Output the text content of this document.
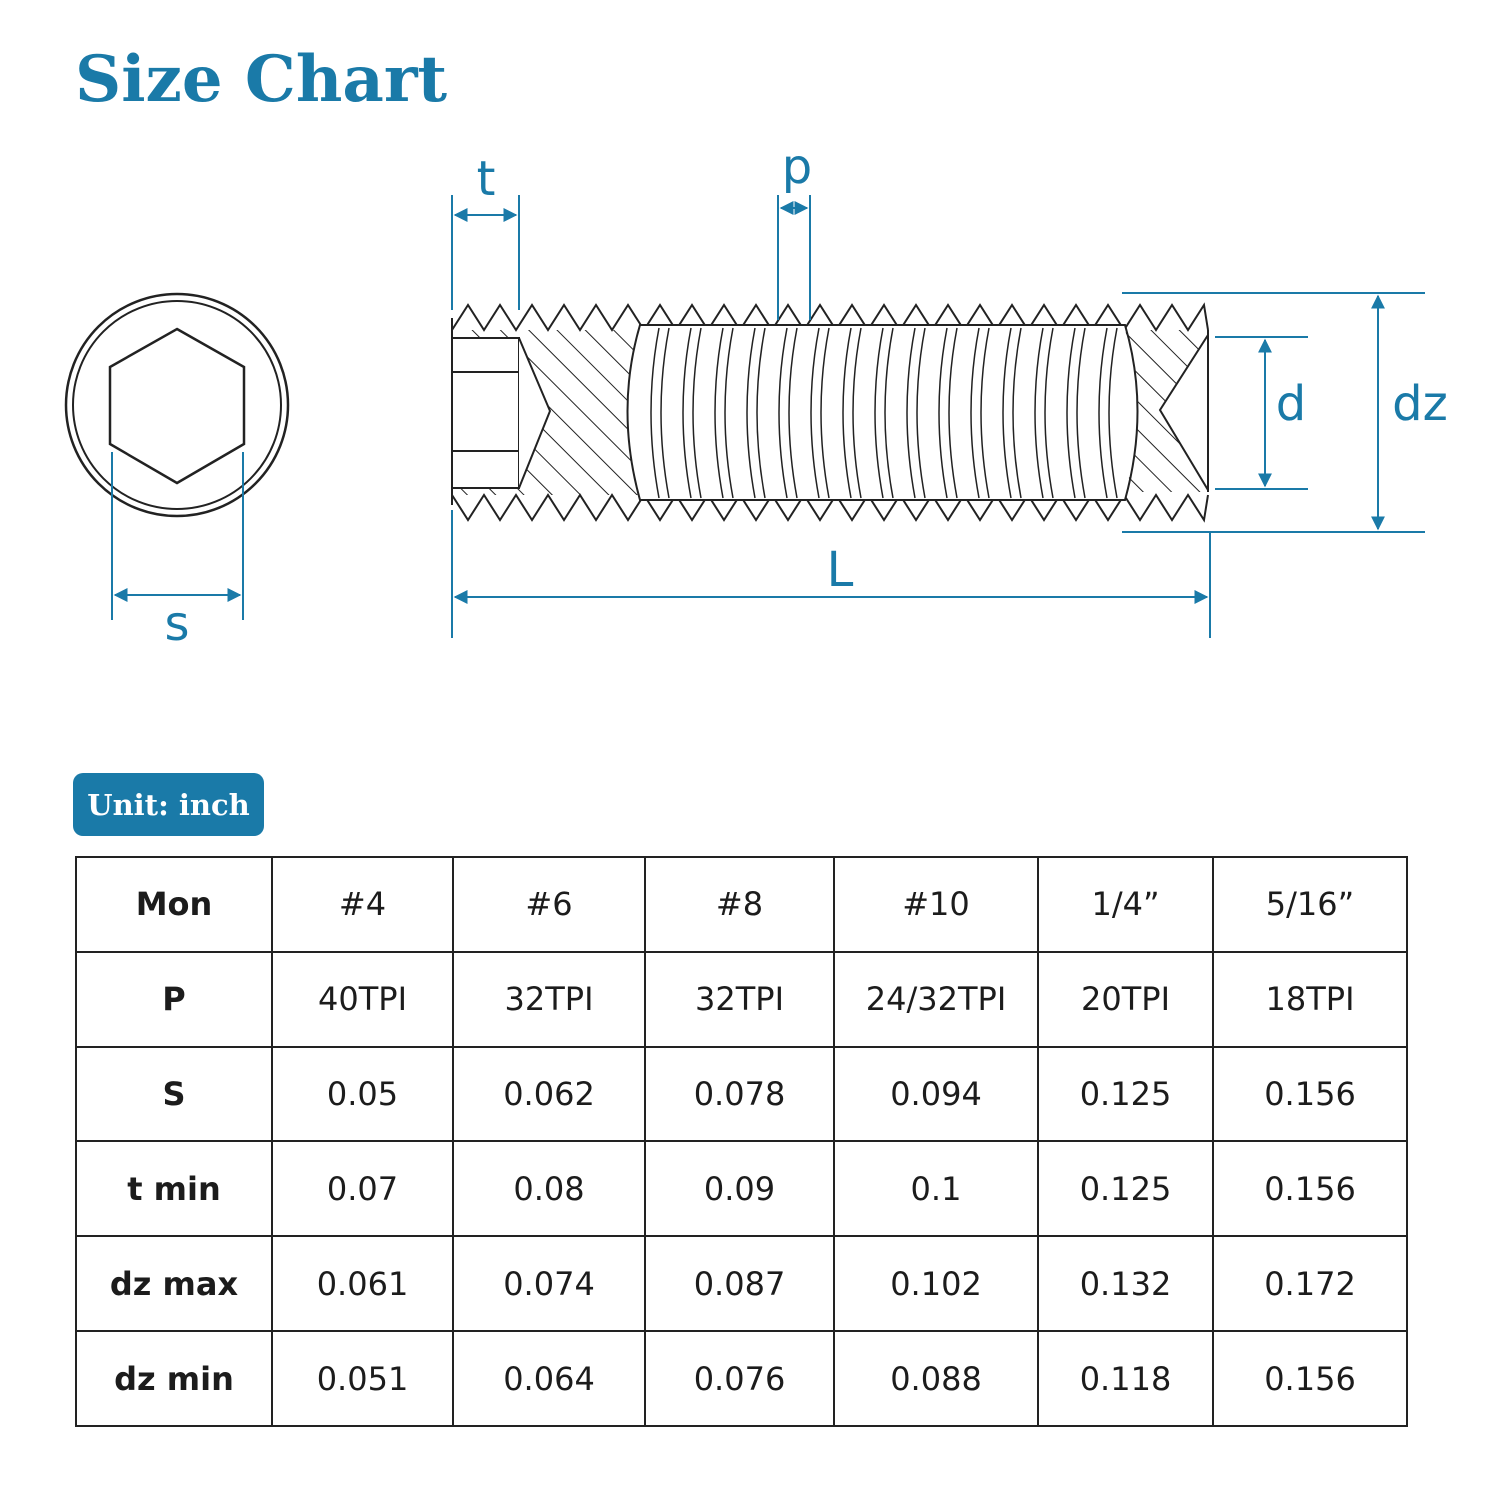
Size Chart
t	p
d dz
L
s
Unit: inch
Mon	#4	#6	#8	#10	1/4”	5/16”
P	40TPI	32TPI	32TPI	24/32TPI	20TPI	18TPI
S	0.05	0.062	0.078	0.094	0.125	0.156
t min	0.07	0.08	0.09	0.1	0.125	0.156
dz max	0.061	0.074	0.087	0.102	0.132	0.172
dz min	0.051	0.064	0.076	0.088	0.118	0.156
